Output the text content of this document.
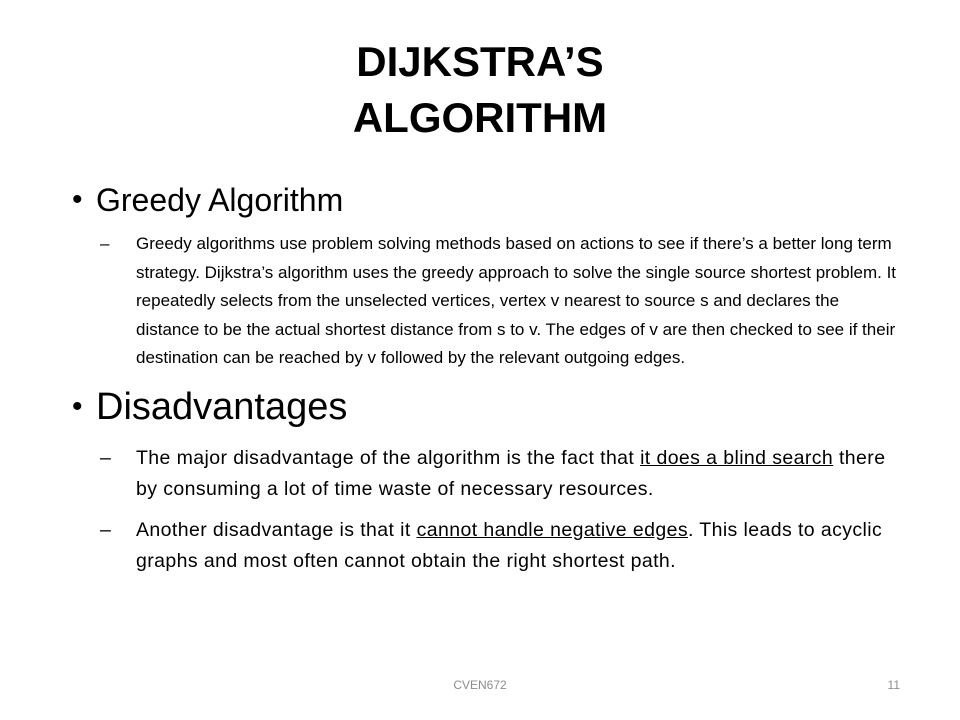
DIJKSTRA’S
ALGORITHM
• Greedy Algorithm
– Greedy algorithms use problem solving methods based on actions to see if there’s a better long term strategy. Dijkstra’s algorithm uses the greedy approach to solve the single source shortest problem. It repeatedly selects from the unselected vertices, vertex v nearest to source s and declares the distance to be the actual shortest distance from s to v. The edges of v are then checked to see if their destination can be reached by v followed by the relevant outgoing edges.
• Disadvantages
– The major disadvantage of the algorithm is the fact that it does a blind search there by consuming a lot of time waste of necessary resources.
– Another disadvantage is that it cannot handle negative edges. This leads to acyclic graphs and most often cannot obtain the right shortest path.
CVEN672	11
